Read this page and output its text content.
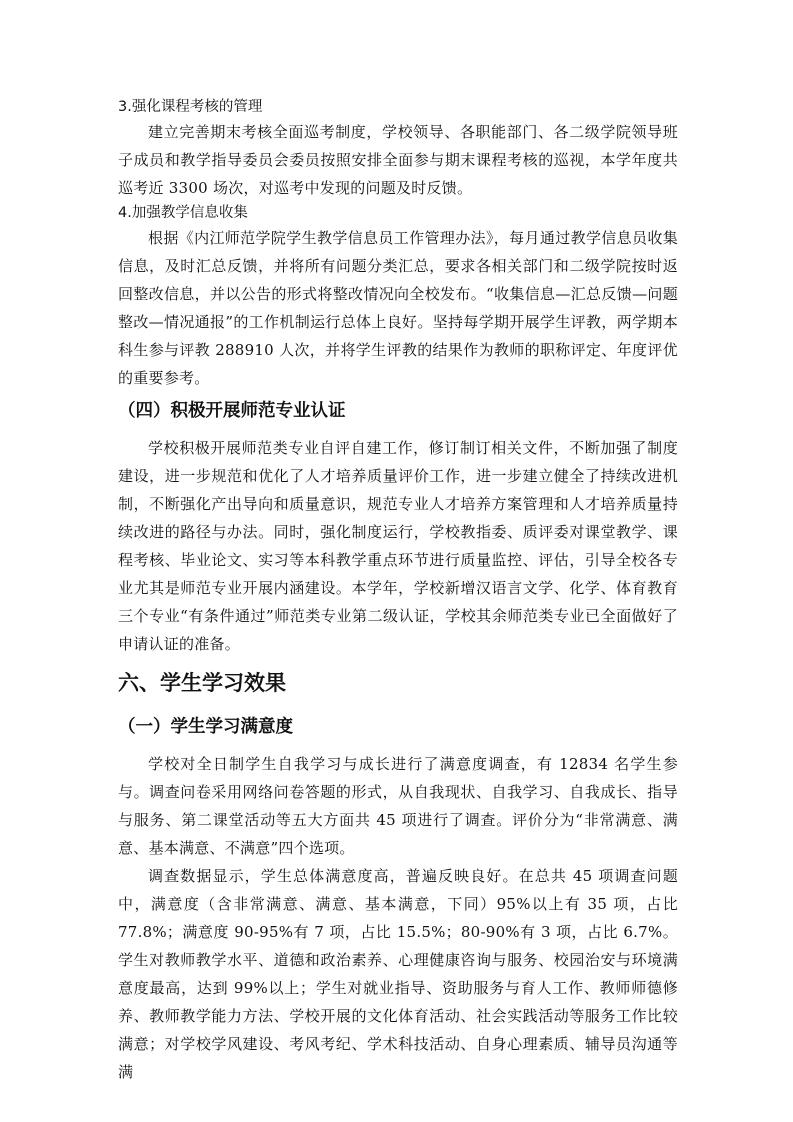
3.强化课程考核的管理

建立完善期末考核全面巡考制度，学校领导、各职能部门、各二级学院领导班子成员和教学指导委员会委员按照安排全面参与期末课程考核的巡视，本学年度共巡考近 3300 场次，对巡考中发现的问题及时反馈。

4.加强教学信息收集

根据《内江师范学院学生教学信息员工作管理办法》，每月通过教学信息员收集信息，及时汇总反馈，并将所有问题分类汇总，要求各相关部门和二级学院按时返回整改信息，并以公告的形式将整改情况向全校发布。“收集信息—汇总反馈—问题整改—情况通报”的工作机制运行总体上良好。坚持每学期开展学生评教，两学期本科生参与评教 288910 人次，并将学生评教的结果作为教师的职称评定、年度评优的重要参考。

（四）积极开展师范专业认证

学校积极开展师范类专业自评自建工作，修订制订相关文件，不断加强了制度建设，进一步规范和优化了人才培养质量评价工作，进一步建立健全了持续改进机制，不断强化产出导向和质量意识，规范专业人才培养方案管理和人才培养质量持续改进的路径与办法。同时，强化制度运行，学校教指委、质评委对课堂教学、课程考核、毕业论文、实习等本科教学重点环节进行质量监控、评估，引导全校各专业尤其是师范专业开展内涵建设。本学年，学校新增汉语言文学、化学、体育教育三个专业“有条件通过”师范类专业第二级认证，学校其余师范类专业已全面做好了申请认证的准备。

六、学生学习效果
（一）学生学习满意度

学校对全日制学生自我学习与成长进行了满意度调查，有 12834 名学生参与。调查问卷采用网络问卷答题的形式，从自我现状、自我学习、自我成长、指导与服务、第二课堂活动等五大方面共 45 项进行了调查。评价分为“非常满意、满意、基本满意、不满意”四个选项。

调查数据显示，学生总体满意度高，普遍反映良好。在总共 45 项调查问题中，满意度（含非常满意、满意、基本满意，下同）95%以上有 35 项，占比 77.8%；满意度 90-95%有 7 项，占比 15.5%；80-90%有 3 项，占比 6.7%。学生对教师教学水平、道德和政治素养、心理健康咨询与服务、校园治安与环境满意度最高，达到 99%以上；学生对就业指导、资助服务与育人工作、教师师德修养、教师教学能力方法、学校开展的文化体育活动、社会实践活动等服务工作比较满意；对学校学风建设、考风考纪、学术科技活动、自身心理素质、辅导员沟通等满
